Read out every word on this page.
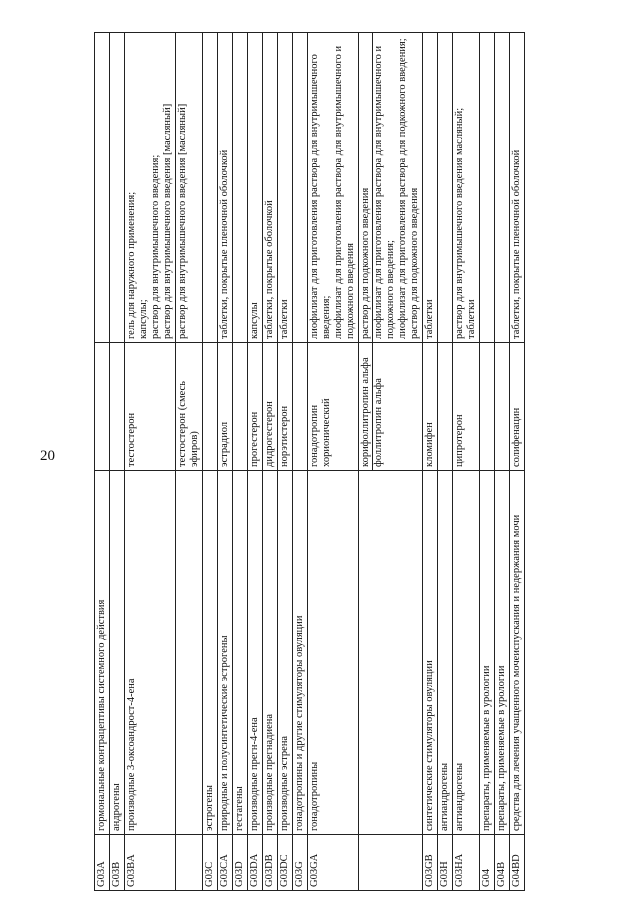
20
G03A	гормональные контрацептивы системного действия		
G03B	андрогены		
G03BA	производные 3-оксоандрост-4-ена	тестостерон	гель для наружного применения; капсулы; раствор для внутримышечного введения; раствор для внутримышечного введения [масляный]

		тестостерон (смесь эфиров)	раствор для внутримышечного введения [масляный]
G03C	эстрогены		
G03CA	природные и полусинтетические эстрогены	эстрадиол	таблетки, покрытые пленочной оболочкой
G03D	гестагены		
G03DA	производные прегн-4-ена	прогестерон	капсулы
G03DB	производные прегнадиена	дидрогестерон	таблетки, покрытые оболочкой
G03DC	производные эстрена	норэтистерон	таблетки
G03G	гонадотропины и другие стимуляторы овуляции		
G03GA	гонадотропины	гонадотропин хорионический	лиофилизат для приготовления раствора для внутримышечного введения; лиофилизат для приготовления раствора для внутримышечного и подкожного введения

		корифоллитропин альфа фоллитропин альфа	раствор для подкожного введения лиофилизат для приготовления раствора для внутримышечного и подкожного введения; лиофилизат для приготовления раствора для подкожного введения; раствор для подкожного введения

G03GB	синтетические стимуляторы овуляции	кломифен	таблетки
G03H	антиандрогены		
G03HA	антиандрогены	ципротерон	раствор для внутримышечного введения масляный; таблетки

G04	препараты, применяемые в урологии		
G04B	препараты, применяемые в урологии		
G04BD	средства для лечения учащенного мочеиспускания и недержания мочи	солифенацин	таблетки, покрытые пленочной оболочкой
